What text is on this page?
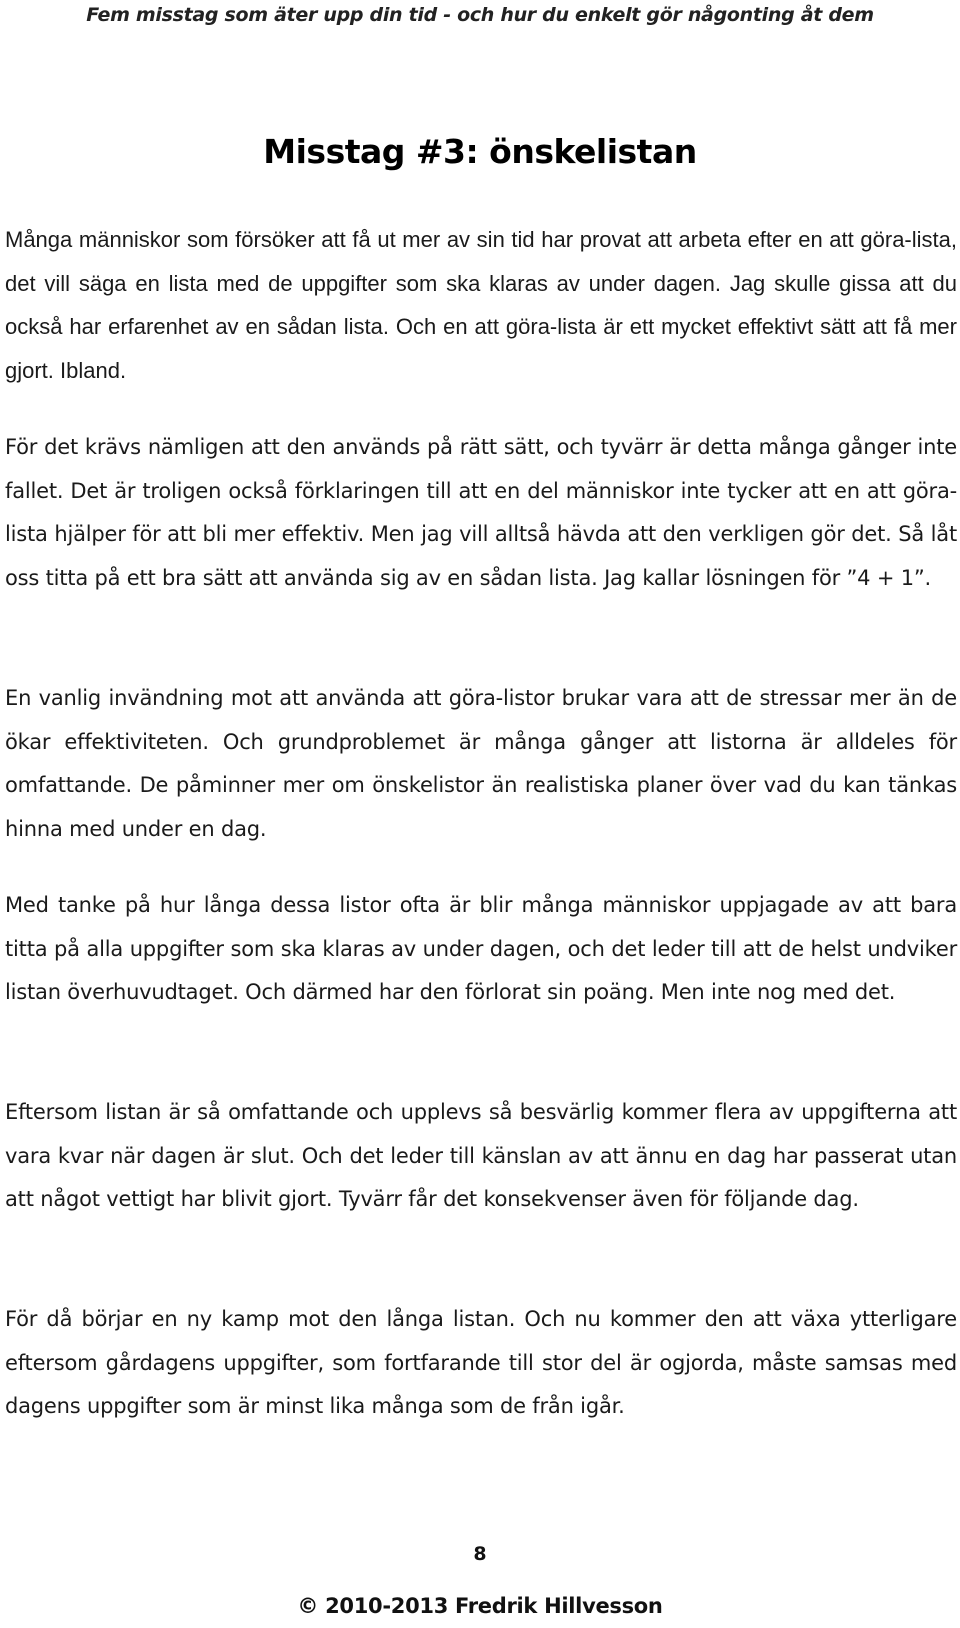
Fem misstag som äter upp din tid - och hur du enkelt gör någonting åt dem
Misstag #3: önskelistan

Många människor som försöker att få ut mer av sin tid har provat att arbeta efter en att göra-lista, det vill säga en lista med de uppgifter som ska klaras av under dagen. Jag skulle gissa att du också har erfarenhet av en sådan lista. Och en att göra-lista är ett mycket effektivt sätt att få mer gjort. Ibland.

För det krävs nämligen att den används på rätt sätt, och tyvärr är detta många gånger inte fallet. Det är troligen också förklaringen till att en del människor inte tycker att en att göra-lista hjälper för att bli mer effektiv. Men jag vill alltså hävda att den verkligen gör det. Så låt oss titta på ett bra sätt att använda sig av en sådan lista. Jag kallar lösningen för ”4 + 1”.

En vanlig invändning mot att använda att göra-listor brukar vara att de stressar mer än de ökar effektiviteten. Och grundproblemet är många gånger att listorna är alldeles för omfattande. De påminner mer om önskelistor än realistiska planer över vad du kan tänkas hinna med under en dag.

Med tanke på hur långa dessa listor ofta är blir många människor uppjagade av att bara titta på alla uppgifter som ska klaras av under dagen, och det leder till att de helst undviker listan överhuvudtaget. Och därmed har den förlorat sin poäng. Men inte nog med det.

Eftersom listan är så omfattande och upplevs så besvärlig kommer flera av uppgifterna att vara kvar när dagen är slut. Och det leder till känslan av att ännu en dag har passerat utan att något vettigt har blivit gjort. Tyvärr får det konsekvenser även för följande dag.

För då börjar en ny kamp mot den långa listan. Och nu kommer den att växa ytterligare eftersom gårdagens uppgifter, som fortfarande till stor del är ogjorda, måste samsas med dagens uppgifter som är minst lika många som de från igår.

8
© 2010-2013 Fredrik Hillvesson
